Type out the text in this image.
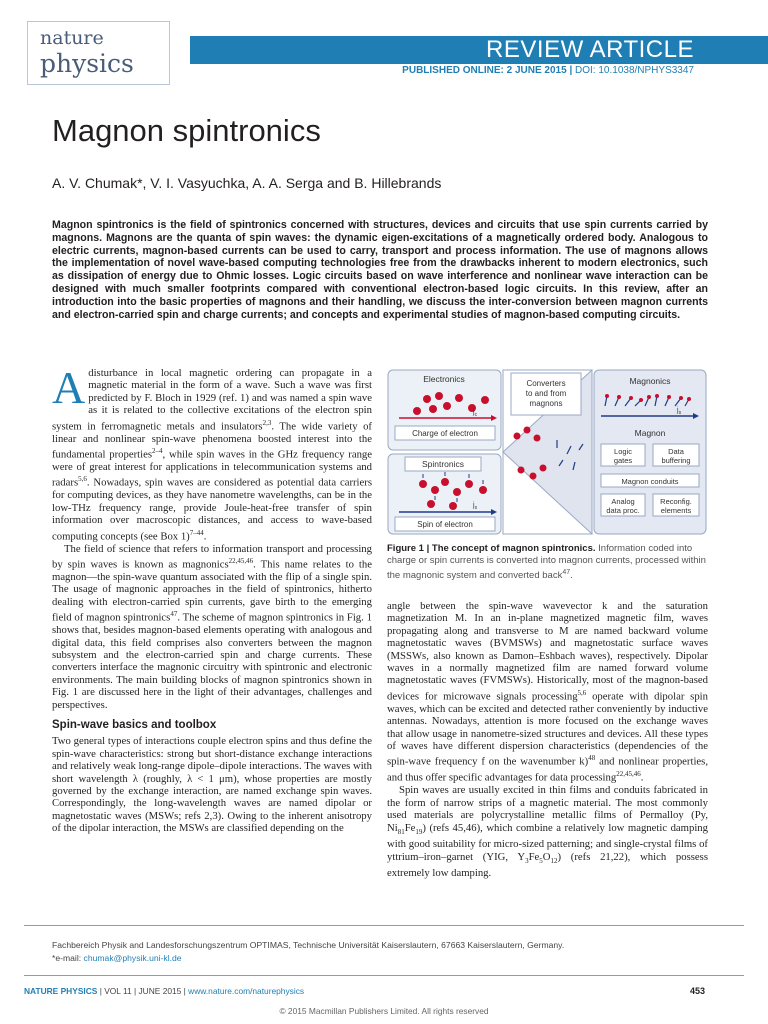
nature
physics	REVIEW ARTICLE
PUBLISHED ONLINE: 2 JUNE 2015 | DOI: 10.1038/NPHYS3347
Magnon spintronics
A. V. Chumak*, V. I. Vasyuchka, A. A. Serga and B. Hillebrands
Magnon spintronics is the field of spintronics concerned with structures, devices and circuits that use spin currents carried by magnons. Magnons are the quanta of spin waves: the dynamic eigen-excitations of a magnetically ordered body. Analogous to electric currents, magnon-based currents can be used to carry, transport and process information. The use of magnons allows the implementation of novel wave-based computing technologies free from the drawbacks inherent to modern electronics, such as dissipation of energy due to Ohmic losses. Logic circuits based on wave interference and nonlinear wave interaction can be designed with much smaller footprints compared with conventional electron-based logic circuits. In this review, after an introduction into the basic properties of magnons and their handling, we discuss the inter-conversion between magnon currents and electron-carried spin and charge currents; and concepts and experimental studies of magnon-based computing circuits.

A disturbance in local magnetic ordering can propagate in a magnetic material in the form of a wave. Such a wave was first predicted by F. Bloch in 1929 (ref. 1) and was named a spin wave as it is related to the collective excitations of the electron spin system in ferromagnetic metals and insulators$^{2,3}$. The wide variety of linear and nonlinear spin-wave phenomena boosted interest into the fundamental properties$^{2-4}$, while spin waves in the GHz frequency range were of great interest for applications in telecommunication systems and radars$^{5,6}$. Nowadays, spin waves are considered as potential data carriers for computing devices, as they have nanometre wavelengths, can be in the low-THz frequency range, provide Joule-heat-free transfer of spin information over macroscopic distances, and access to wave-based computing concepts (see Box 1)$^{7-44}$.

The field of science that refers to information transport and processing by spin waves is known as magnonics$^{22,45,46}$. This name relates to the magnon—the spin-wave quantum associated with the flip of a single spin. The usage of magnonic approaches in the field of spintronics, hitherto dealing with electron-carried spin currents, gave birth to the emerging field of magnon spintronics$^{47}$. The scheme of magnon spintronics in Fig. 1 shows that, besides magnon-based elements operating with analogous and digital data, this field comprises also converters between the magnon subsystem and the electron-carried spin and charge currents. These converters interface the magnonic circuitry with spintronic and electronic environments. The main building blocks of magnon spintronics shown in Fig. 1 are discussed here in the light of their advantages, challenges and perspectives.

Spin-wave basics and toolbox

Two general types of interactions couple electron spins and thus define the spin-wave characteristics: strong but short-distance exchange interactions and relatively weak long-range dipole–dipole interactions. The waves with short wavelength λ (roughly, λ < 1 μm), whose properties are mostly governed by the exchange interaction, are named exchange spin waves. Correspondingly, the long-wavelength waves are named dipolar or magnetostatic waves (MSWs; refs 2,3). Owing to the inherent anisotropy of the dipolar interaction, the MSWs are classified depending on the

Electronics
$j_c$
Charge of electron
Spintronics
$j_s$
Spin of electron
Converters
to and from
magnons
Magnonics
$j_s$
Magnon
Logic
gates
Data
buffering
Magnon conduits
Analog
data proc.
Reconfig.
elements
Figure 1 | The concept of magnon spintronics. Information coded into charge or spin currents is converted into magnon currents, processed within the magnonic system and converted back$^{47}$.

angle between the spin-wave wavevector k and the saturation magnetization M. In an in-plane magnetized magnetic film, waves propagating along and transverse to M are named backward volume magnetostatic waves (BVMSWs) and magnetostatic surface waves (MSSWs, also known as Damon–Eshbach waves), respectively. Dipolar waves in a normally magnetized film are named forward volume magnetostatic waves (FVMSWs). Historically, most of the magnon-based devices for microwave signals processing$^{5,6}$ operate with dipolar spin waves, which can be excited and detected rather conveniently by inductive antennas. Nowadays, attention is more focused on the exchange waves that allow usage in nanometre-sized structures and devices. All these types of waves have different dispersion characteristics (dependencies of the spin-wave frequency f on the wavenumber k)$^{48}$ and nonlinear properties, and thus offer specific advantages for data processing$^{22,45,46}$.

Spin waves are usually excited in thin films and conduits fabricated in the form of narrow strips of a magnetic material. The most commonly used materials are polycrystalline metallic films of Permalloy (Py, $Ni_{81}Fe_{19}$) (refs 45,46), which combine a relatively low magnetic damping with good suitability for micro-sized patterning; and single-crystal films of yttrium–iron–garnet (YIG, $Y_3Fe_5O_{12}$) (refs 21,22), which possess extremely low damping.

Fachbereich Physik and Landesforschungszentrum OPTIMAS, Technische Universität Kaiserslautern, 67663 Kaiserslautern, Germany.
*e-mail: chumak@physik.uni-kl.de
NATURE PHYSICS | VOL 11 | JUNE 2015 | www.nature.com/naturephysics	453
© 2015 Macmillan Publishers Limited. All rights reserved
